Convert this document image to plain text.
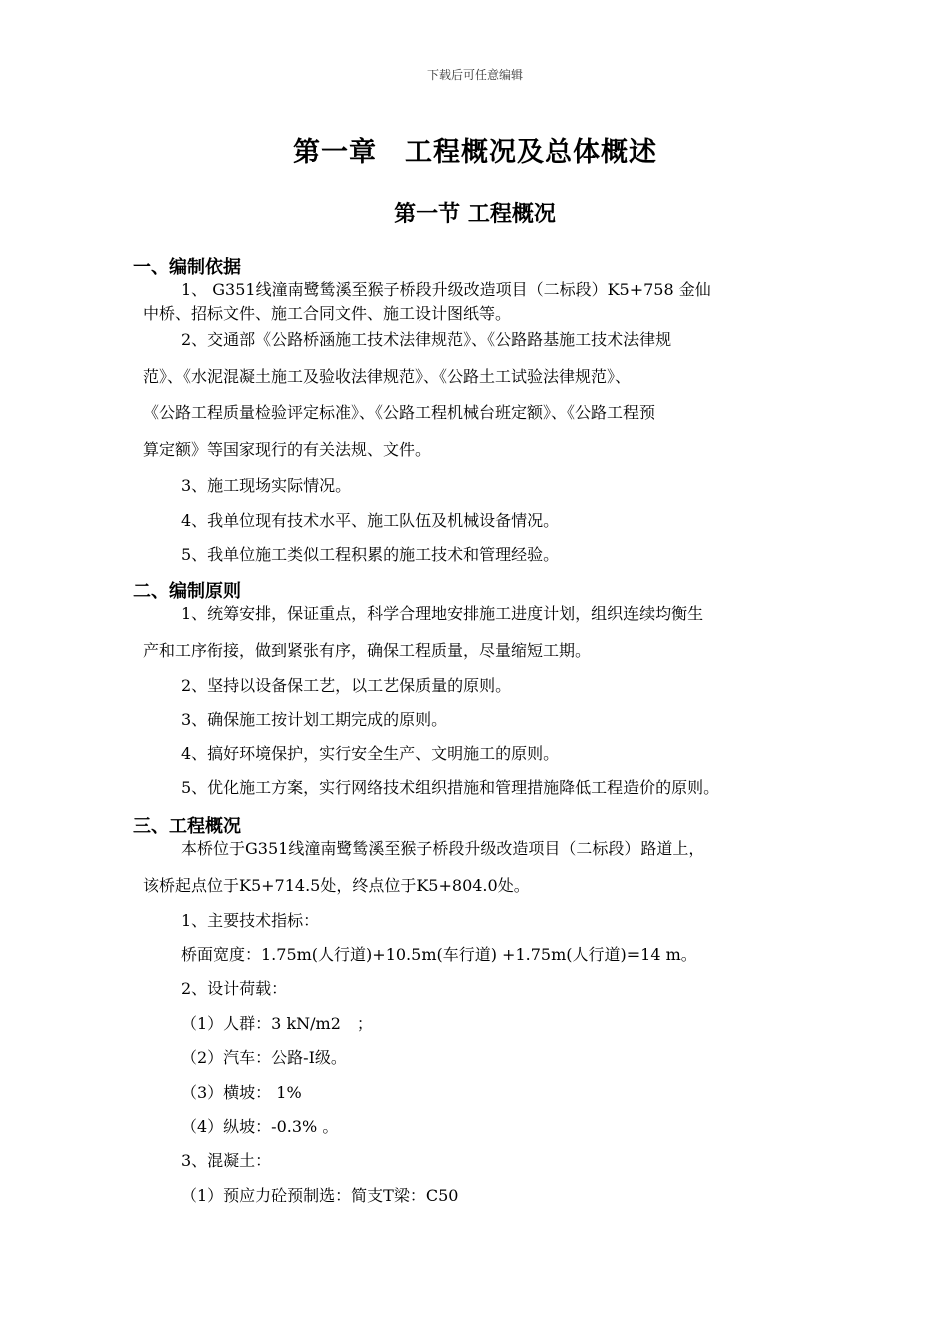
下载后可任意编辑
第一章　工程概况及总体概述
第一节 工程概况
一、编制依据
1、 G351线潼南鹭鸶溪至猴子桥段升级改造项目（二标段）K5+758 金仙
中桥、招标文件、施工合同文件、施工设计图纸等。
2、交通部《公路桥涵施工技术法律规范》、《公路路基施工技术法律规
范》、《水泥混凝土施工及验收法律规范》、《公路土工试验法律规范》、
《公路工程质量检验评定标准》、《公路工程机械台班定额》、《公路工程预
算定额》等国家现行的有关法规、文件。
3、施工现场实际情况。
4、我单位现有技术水平、施工队伍及机械设备情况。
5、我单位施工类似工程积累的施工技术和管理经验。
二、编制原则
1、统筹安排，保证重点，科学合理地安排施工进度计划，组织连续均衡生
产和工序衔接，做到紧张有序，确保工程质量，尽量缩短工期。
2、坚持以设备保工艺，以工艺保质量的原则。
3、确保施工按计划工期完成的原则。
4、搞好环境保护，实行安全生产、文明施工的原则。
5、优化施工方案，实行网络技术组织措施和管理措施降低工程造价的原则。
三、工程概况
本桥位于G351线潼南鹭鸶溪至猴子桥段升级改造项目（二标段）路道上，
该桥起点位于K5+714.5处，终点位于K5+804.0处。
1、主要技术指标：
桥面宽度：1.75m(人行道)+10.5m(车行道) +1.75m(人行道)=14 m。
2、设计荷载：
（1）人群：3 kN/m2　；
（2）汽车：公路-I级。
（3）横坡： 1%
（4）纵坡：-0.3% 。
3、混凝土：
（1）预应力砼预制选：简支T梁：C50
